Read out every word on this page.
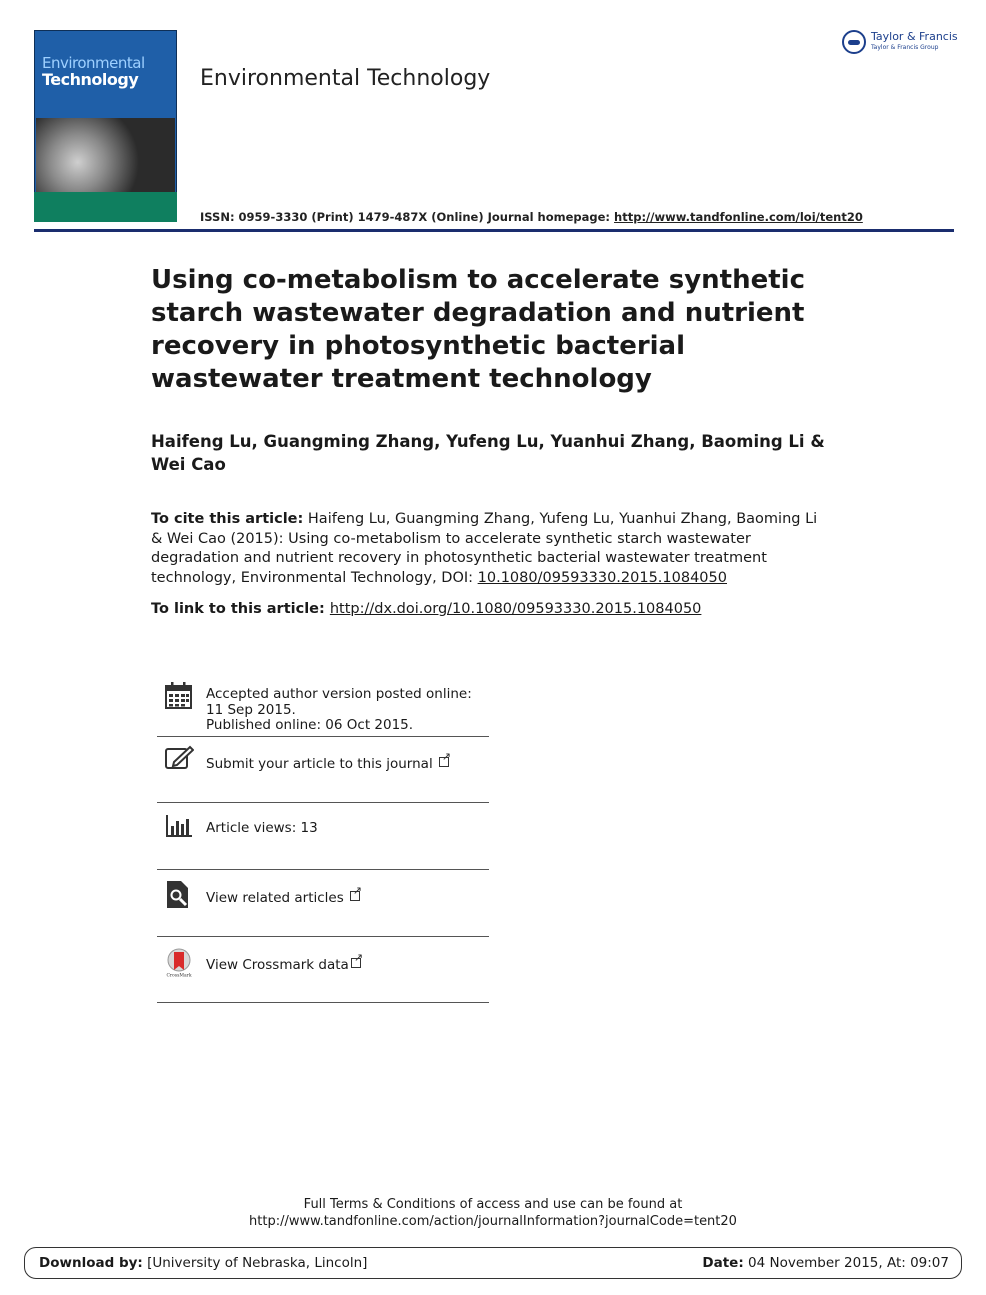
Environmental
Technology	Environmental Technology
Taylor & Francis
Taylor & Francis Group
ISSN: 0959-3330 (Print) 1479-487X (Online) Journal homepage: http://www.tandfonline.com/loi/tent20
Using co-metabolism to accelerate synthetic starch wastewater degradation and nutrient recovery in photosynthetic bacterial wastewater treatment technology
Haifeng Lu, Guangming Zhang, Yufeng Lu, Yuanhui Zhang, Baoming Li & Wei Cao
To cite this article: Haifeng Lu, Guangming Zhang, Yufeng Lu, Yuanhui Zhang, Baoming Li & Wei Cao (2015): Using co-metabolism to accelerate synthetic starch wastewater degradation and nutrient recovery in photosynthetic bacterial wastewater treatment technology, Environmental Technology, DOI: 10.1080/09593330.2015.1084050
To link to this article: http://dx.doi.org/10.1080/09593330.2015.1084050
Accepted author version posted online: 11 Sep 2015.
Published online: 06 Oct 2015.
Submit your article to this journal↗
Article views: 13
View related articles↗
CrossMark
View Crossmark data↗
Full Terms & Conditions of access and use can be found at
http://www.tandfonline.com/action/journalInformation?journalCode=tent20
Download by: [University of Nebraska, Lincoln]	Date: 04 November 2015, At: 09:07
